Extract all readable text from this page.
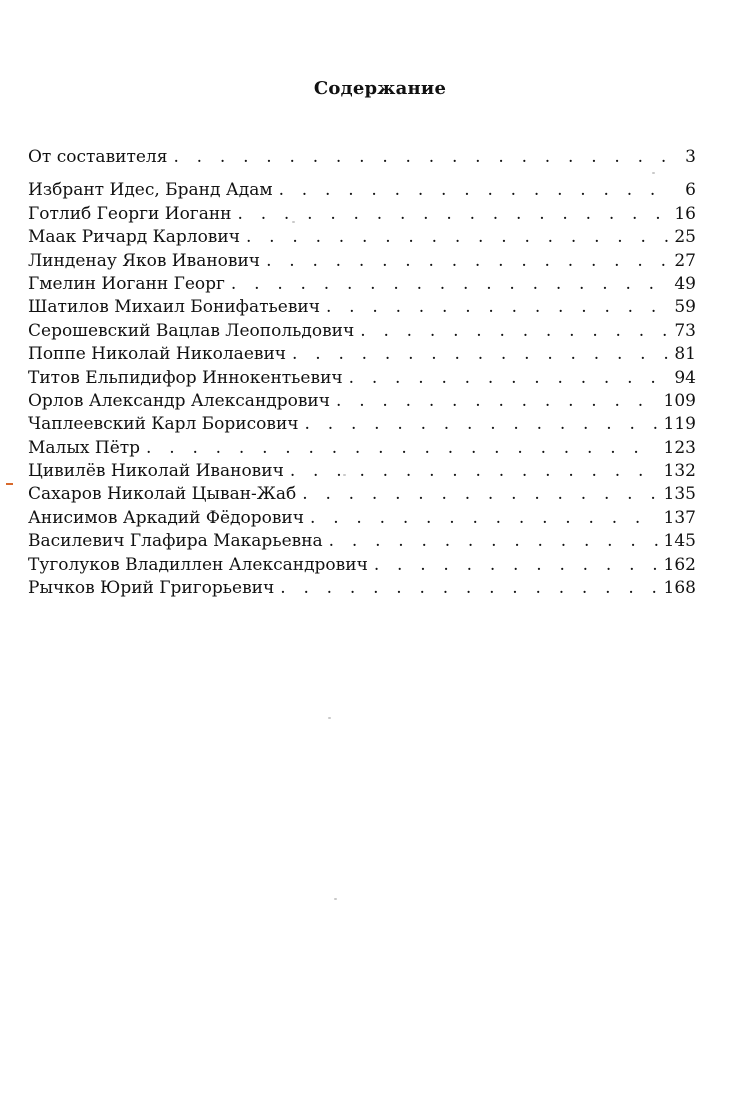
Содержание
От составителя . . .	3
Избрант Идес, Бранд Адам . . .	6
Готлиб Георги Иоганн . . .	16
Маак Ричард Карлович . . .	25
Линденау Яков Иванович . . .	27
Гмелин Иоганн Георг . . .	49
Шатилов Михаил Бонифатьевич . . .	59
Серошевский Вацлав Леопольдович . . .	73
Поппе Николай Николаевич . . .	81
Титов Ельпидифор Иннокентьевич . . .	94
Орлов Александр Александрович . . .	109
Чаплеевский Карл Борисович . . .	119
Малых Пётр . . .	123
Цивилёв Николай Иванович . . .	132
Сахаров Николай Цыван-Жаб . . .	135
Анисимов Аркадий Фёдорович . . .	137
Василевич Глафира Макарьевна . . .	145
Туголуков Владиллен Александрович . . .	162
Рычков Юрий Григорьевич . . .	168
